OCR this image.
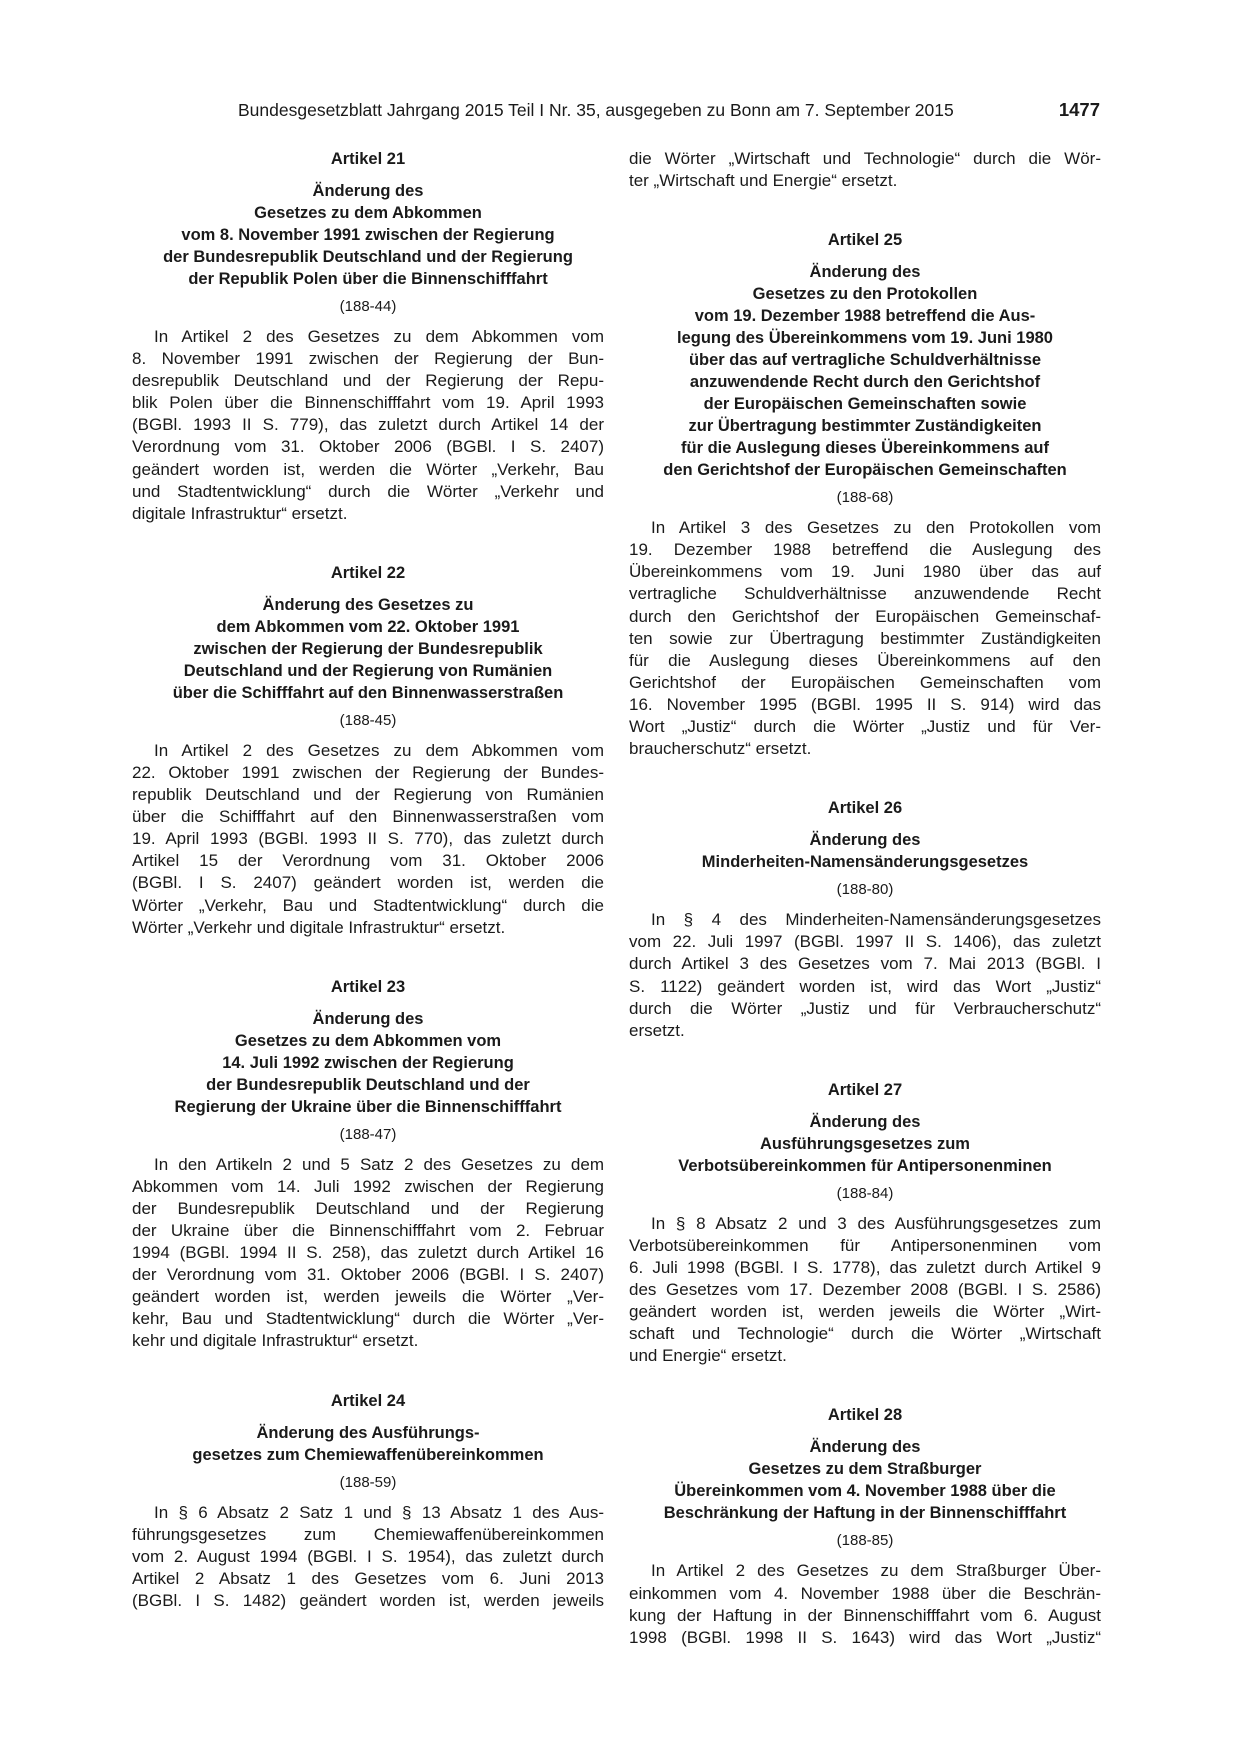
Bundesgesetzblatt Jahrgang 2015 Teil I Nr. 35, ausgegeben zu Bonn am 7. September 2015	1477
Artikel 21
Änderung des
Gesetzes zu dem Abkommen
vom 8. November 1991 zwischen der Regierung
der Bundesrepublik Deutschland und der Regierung
der Republik Polen über die Binnenschifffahrt
(188-44)
In Artikel 2 des Gesetzes zu dem Abkommen vom
8. November 1991 zwischen der Regierung der Bun-
desrepublik Deutschland und der Regierung der Repu-
blik Polen über die Binnenschifffahrt vom 19. April 1993
(BGBl. 1993 II S. 779), das zuletzt durch Artikel 14 der
Verordnung vom 31. Oktober 2006 (BGBl. I S. 2407)
geändert worden ist, werden die Wörter „Verkehr, Bau
und Stadtentwicklung“ durch die Wörter „Verkehr und
digitale Infrastruktur“ ersetzt.
Artikel 22
Änderung des Gesetzes zu
dem Abkommen vom 22. Oktober 1991
zwischen der Regierung der Bundesrepublik
Deutschland und der Regierung von Rumänien
über die Schifffahrt auf den Binnenwasserstraßen
(188-45)
In Artikel 2 des Gesetzes zu dem Abkommen vom
22. Oktober 1991 zwischen der Regierung der Bundes-
republik Deutschland und der Regierung von Rumänien
über die Schifffahrt auf den Binnenwasserstraßen vom
19. April 1993 (BGBl. 1993 II S. 770), das zuletzt durch
Artikel 15 der Verordnung vom 31. Oktober 2006
(BGBl. I S. 2407) geändert worden ist, werden die
Wörter „Verkehr, Bau und Stadtentwicklung“ durch die
Wörter „Verkehr und digitale Infrastruktur“ ersetzt.
Artikel 23
Änderung des
Gesetzes zu dem Abkommen vom
14. Juli 1992 zwischen der Regierung
der Bundesrepublik Deutschland und der
Regierung der Ukraine über die Binnenschifffahrt
(188-47)
In den Artikeln 2 und 5 Satz 2 des Gesetzes zu dem
Abkommen vom 14. Juli 1992 zwischen der Regierung
der Bundesrepublik Deutschland und der Regierung
der Ukraine über die Binnenschifffahrt vom 2. Februar
1994 (BGBl. 1994 II S. 258), das zuletzt durch Artikel 16
der Verordnung vom 31. Oktober 2006 (BGBl. I S. 2407)
geändert worden ist, werden jeweils die Wörter „Ver-
kehr, Bau und Stadtentwicklung“ durch die Wörter „Ver-
kehr und digitale Infrastruktur“ ersetzt.
Artikel 24
Änderung des Ausführungs-
gesetzes zum Chemiewaffenübereinkommen
(188-59)
In § 6 Absatz 2 Satz 1 und § 13 Absatz 1 des Aus-
führungsgesetzes zum Chemiewaffenübereinkommen
vom 2. August 1994 (BGBl. I S. 1954), das zuletzt durch
Artikel 2 Absatz 1 des Gesetzes vom 6. Juni 2013
(BGBl. I S. 1482) geändert worden ist, werden jeweils
die Wörter „Wirtschaft und Technologie“ durch die Wör-
ter „Wirtschaft und Energie“ ersetzt.
Artikel 25
Änderung des
Gesetzes zu den Protokollen
vom 19. Dezember 1988 betreffend die Aus-
legung des Übereinkommens vom 19. Juni 1980
über das auf vertragliche Schuldverhältnisse
anzuwendende Recht durch den Gerichtshof
der Europäischen Gemeinschaften sowie
zur Übertragung bestimmter Zuständigkeiten
für die Auslegung dieses Übereinkommens auf
den Gerichtshof der Europäischen Gemeinschaften
(188-68)
In Artikel 3 des Gesetzes zu den Protokollen vom
19. Dezember 1988 betreffend die Auslegung des
Übereinkommens vom 19. Juni 1980 über das auf
vertragliche Schuldverhältnisse anzuwendende Recht
durch den Gerichtshof der Europäischen Gemeinschaf-
ten sowie zur Übertragung bestimmter Zuständigkeiten
für die Auslegung dieses Übereinkommens auf den
Gerichtshof der Europäischen Gemeinschaften vom
16. November 1995 (BGBl. 1995 II S. 914) wird das
Wort „Justiz“ durch die Wörter „Justiz und für Ver-
braucherschutz“ ersetzt.
Artikel 26
Änderung des
Minderheiten-Namensänderungsgesetzes
(188-80)
In § 4 des Minderheiten-Namensänderungsgesetzes
vom 22. Juli 1997 (BGBl. 1997 II S. 1406), das zuletzt
durch Artikel 3 des Gesetzes vom 7. Mai 2013 (BGBl. I
S. 1122) geändert worden ist, wird das Wort „Justiz“
durch die Wörter „Justiz und für Verbraucherschutz“
ersetzt.
Artikel 27
Änderung des
Ausführungsgesetzes zum
Verbotsübereinkommen für Antipersonenminen
(188-84)
In § 8 Absatz 2 und 3 des Ausführungsgesetzes zum
Verbotsübereinkommen für Antipersonenminen vom
6. Juli 1998 (BGBl. I S. 1778), das zuletzt durch Artikel 9
des Gesetzes vom 17. Dezember 2008 (BGBl. I S. 2586)
geändert worden ist, werden jeweils die Wörter „Wirt-
schaft und Technologie“ durch die Wörter „Wirtschaft
und Energie“ ersetzt.
Artikel 28
Änderung des
Gesetzes zu dem Straßburger
Übereinkommen vom 4. November 1988 über die
Beschränkung der Haftung in der Binnenschifffahrt
(188-85)
In Artikel 2 des Gesetzes zu dem Straßburger Über-
einkommen vom 4. November 1988 über die Beschrän-
kung der Haftung in der Binnenschifffahrt vom 6. August
1998 (BGBl. 1998 II S. 1643) wird das Wort „Justiz“
